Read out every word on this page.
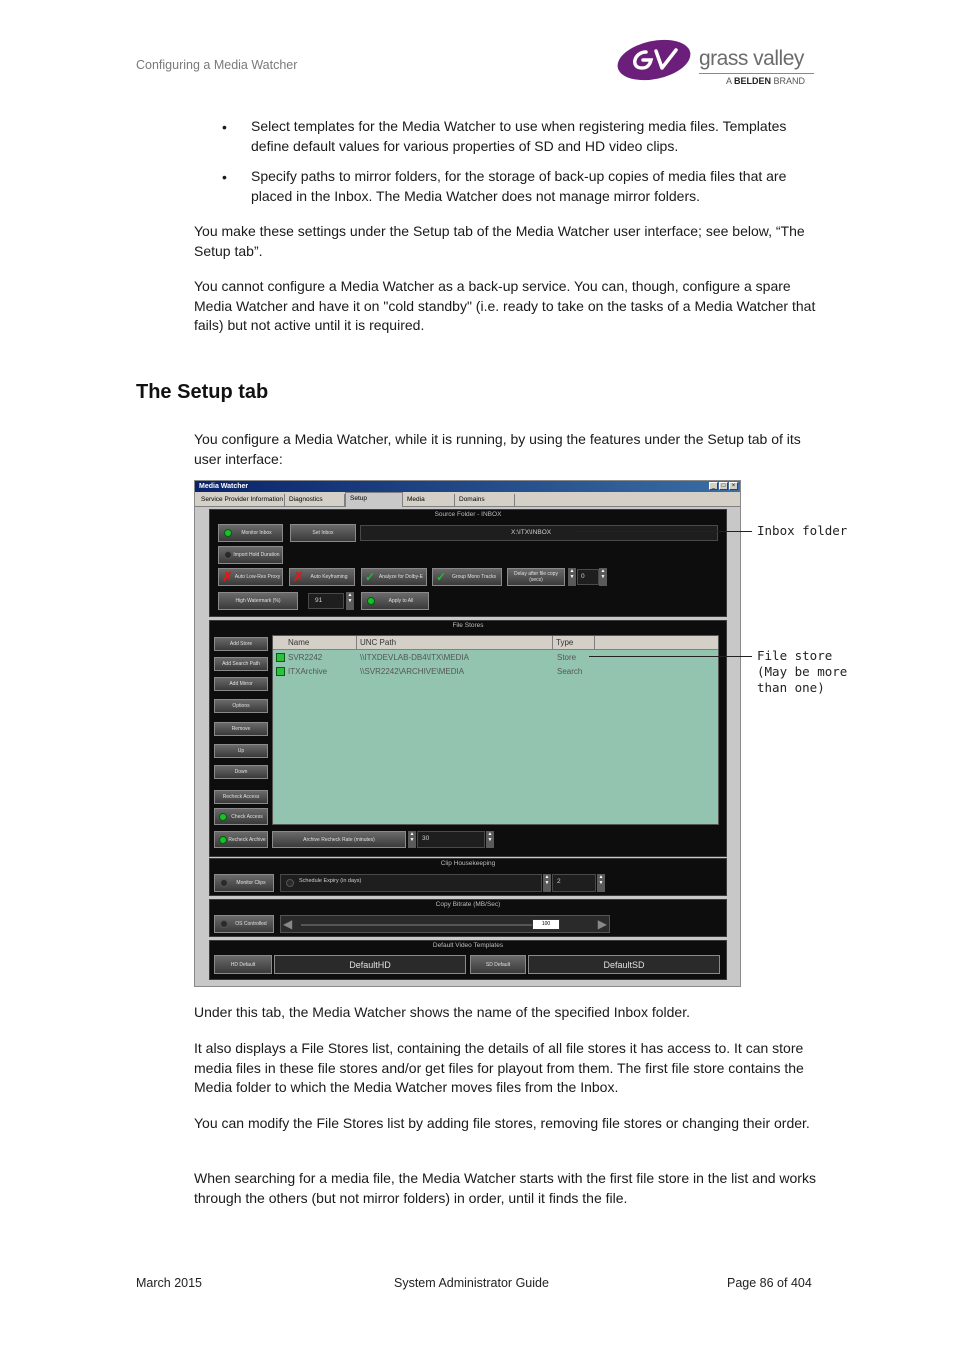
Configuring a Media Watcher	grass valley
A BELDEN BRAND
• Select templates for the Media Watcher to use when registering media files. Templates define default values for various properties of SD and HD video clips.
• Specify paths to mirror folders, for the storage of back-up copies of media files that are placed in the Inbox. The Media Watcher does not manage mirror folders.
You make these settings under the Setup tab of the Media Watcher user interface; see below, “The Setup tab”.
You cannot configure a Media Watcher as a back-up service. You can, though, configure a spare Media Watcher and have it on "cold standby" (i.e. ready to take on the tasks of a Media Watcher that fails) but not active until it is required.
The Setup tab
You configure a Media Watcher, while it is running, by using the features under the Setup tab of its user interface:
Media Watcher	_	□	×
Service Provider Information Diagnostics	Setup	Media	Domains
Source Folder - INBOX
Monitor Inbox	Set Inbox	X:\ITX\INBOX
Import Hold Duration
✗ Auto Low-Res Proxy ✗ Auto Keyframing ✓ Analyze for Dolby-E ✓ Group Mono Tracks	Delay after file copy (secs)
▲
▼	0
▲
▼
High Watermark (%)	91
▲
▼	Apply to All
File Stores
Add Store
Add Search Path
Add Mirror
Options
Remove
Up
Down
Recheck Access
Check Access
Recheck Archive	Archive Recheck Rate (minutes)
▲
▼	30
▲
▼
Name	UNC Path	Type
SVR2242	\\ITXDEVLAB-DB4\ITX\MEDIA	Store
ITXArchive	\\SVR2242\ARCHIVE\MEDIA	Search
Clip Housekeeping
Monitor Clips	Schedule Expiry (in days)
▲
▼	2
▲
▼
Copy Bitrate (MB/Sec)
OS Controlled ◀	▶
100
Default Video Templates
HD Default	DefaultHD	SD Default	DefaultSD
Inbox folder
File store
(May be more
than one)
Under this tab, the Media Watcher shows the name of the specified Inbox folder.
It also displays a File Stores list, containing the details of all file stores it has access to. It can store media files in these file stores and/or get files for playout from them. The first file store contains the Media folder to which the Media Watcher moves files from the Inbox.
You can modify the File Stores list by adding file stores, removing file stores or changing their order.
When searching for a media file, the Media Watcher starts with the first file store in the list and works through the others (but not mirror folders) in order, until it finds the file.
March 2015	System Administrator Guide	Page 86 of 404
